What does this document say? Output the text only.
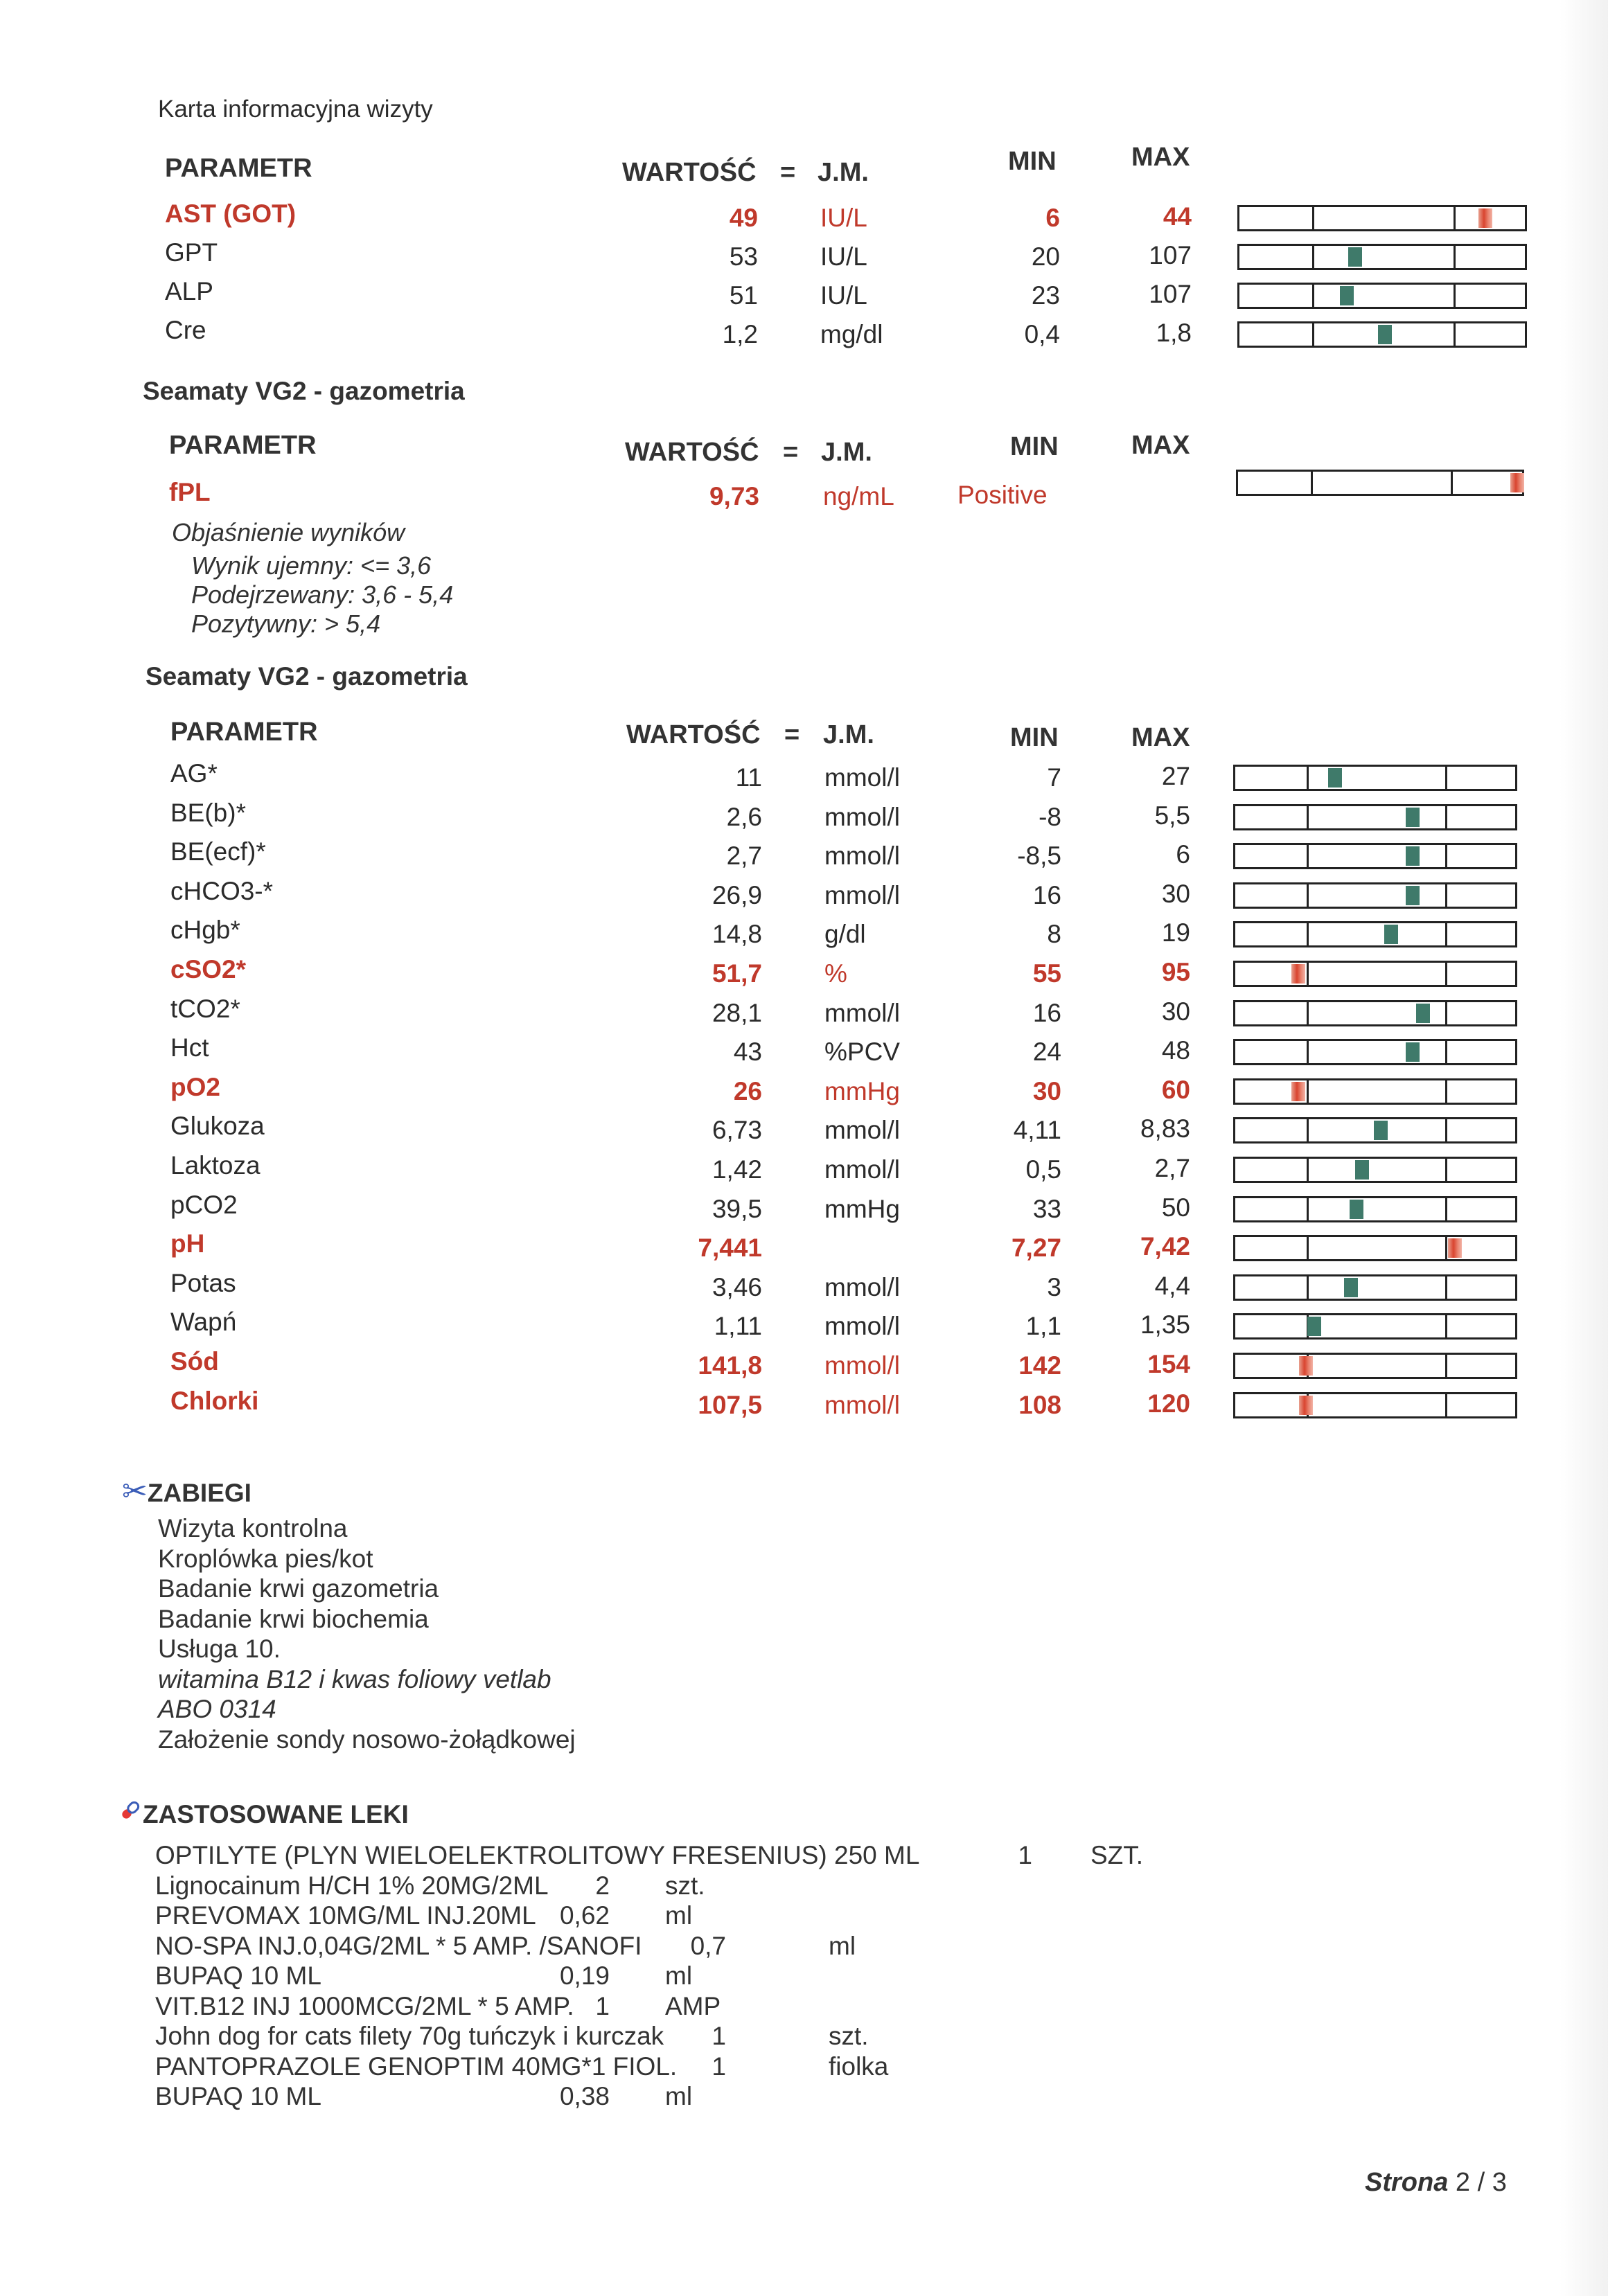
Karta informacyjna wizyty
PARAMETR	WARTOŚĆ = J.M.	MIN	MAX
AST (GOT)	49 IU/L	6	44
GPT	53 IU/L	20	107
ALP	51 IU/L	23	107
Cre	1,2 mg/dl	0,4	1,8
Seamaty VG2 - gazometria
PARAMETR	WARTOŚĆ = J.M.	MIN	MAX
fPL	9,73 ng/mL Positive
Objaśnienie wyników
Wynik ujemny: <= 3,6
Podejrzewany: 3,6 - 5,4
Pozytywny: > 5,4
Seamaty VG2 - gazometria
PARAMETR	WARTOŚĆ = J.M.	MIN	MAX
AG*	11 mmol/l	7	27
BE(b)*	2,6 mmol/l	-8	5,5
BE(ecf)*	2,7 mmol/l	-8,5	6
cHCO3-*	26,9 mmol/l	16	30
cHgb*	14,8 g/dl	8	19
cSO2*	51,7 %	55	95
tCO2*	28,1 mmol/l	16	30
Hct	43 %PCV	24	48
pO2	26 mmHg	30	60
Glukoza	6,73 mmol/l	4,11	8,83
Laktoza	1,42 mmol/l	0,5	2,7
pCO2	39,5 mmHg	33	50
pH	7,441	7,27	7,42
Potas	3,46 mmol/l	3	4,4
Wapń	1,11 mmol/l	1,1	1,35
Sód	141,8 mmol/l	142	154
Chlorki	107,5 mmol/l	108	120
✂ZABIEGI
Wizyta kontrolna
Kroplówka pies/kot
Badanie krwi gazometria
Badanie krwi biochemia
Usługa 10.
witamina B12 i kwas foliowy vetlab
ABO 0314
Założenie sondy nosowo-żołądkowej
ZASTOSOWANE LEKI
OPTILYTE (PLYN WIELOELEKTROLITOWY FRESENIUS) 250 ML	1 SZT.
Lignocainum H/CH 1% 20MG/2ML	2 szt.
PREVOMAX 10MG/ML INJ.20ML 0,62 ml
NO-SPA INJ.0,04G/2ML * 5 AMP. /SANOFI	0,7	ml
BUPAQ 10 ML	0,19 ml
VIT.B12 INJ 1000MCG/2ML * 5 AMP. 1 AMP
John dog for cats filety 70g tuńczyk i kurczak	1	szt.
PANTOPRAZOLE GENOPTIM 40MG*1 FIOL.	1	fiolka
BUPAQ 10 ML	0,38 ml
Strona 2 / 3
